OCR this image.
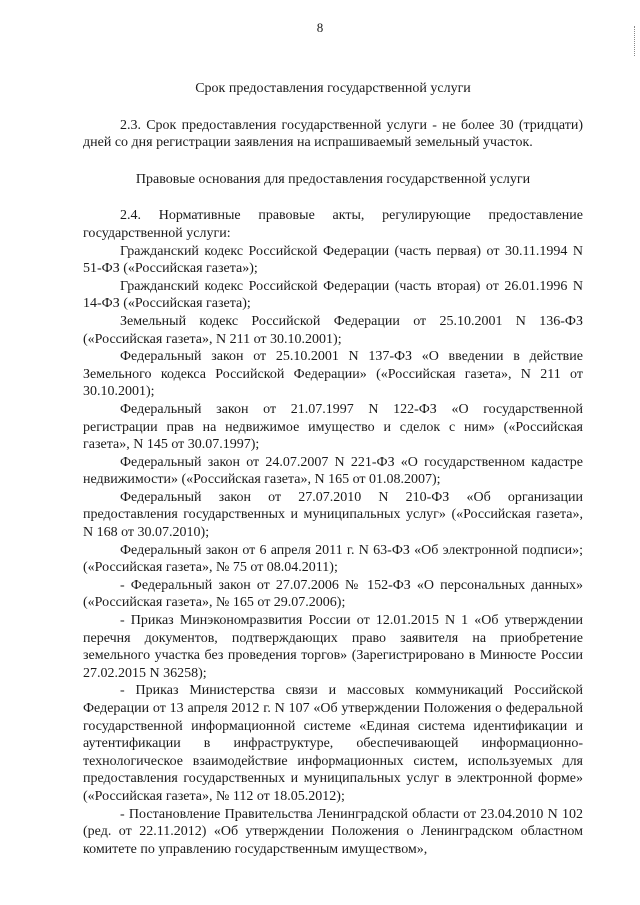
8
Срок предоставления государственной услуги

2.3. Срок предоставления государственной услуги - не более 30 (тридцати) дней со дня регистрации заявления на испрашиваемый земельный участок.

Правовые основания для предоставления государственной услуги

2.4. Нормативные правовые акты, регулирующие предоставление государственной услуги:

Гражданский кодекс Российской Федерации (часть первая) от 30.11.1994 N 51-ФЗ («Российская газета»);

Гражданский кодекс Российской Федерации (часть вторая) от 26.01.1996 N 14-ФЗ («Российская газета);

Земельный кодекс Российской Федерации от 25.10.2001 N 136-ФЗ («Российская газета», N 211 от 30.10.2001);

Федеральный закон от 25.10.2001 N 137-ФЗ «О введении в действие Земельного кодекса Российской Федерации» («Российская газета», N 211 от 30.10.2001);

Федеральный закон от 21.07.1997 N 122-ФЗ «О государственной регистрации прав на недвижимое имущество и сделок с ним» («Российская газета», N 145 от 30.07.1997);

Федеральный закон от 24.07.2007 N 221-ФЗ «О государственном кадастре недвижимости» («Российская газета», N 165 от 01.08.2007);

Федеральный закон от 27.07.2010 N 210-ФЗ «Об организации предоставления государственных и муниципальных услуг» («Российская газета», N 168 от 30.07.2010);

Федеральный закон от 6 апреля 2011 г. N 63-ФЗ «Об электронной подписи»; («Российская газета», № 75 от 08.04.2011);

- Федеральный закон от 27.07.2006 № 152-ФЗ «О персональных данных» («Российская газета», № 165 от 29.07.2006);

- Приказ Минэкономразвития России от 12.01.2015 N 1 «Об утверждении перечня документов, подтверждающих право заявителя на приобретение земельного участка без проведения торгов» (Зарегистрировано в Минюсте России 27.02.2015 N 36258);

- Приказ Министерства связи и массовых коммуникаций Российской Федерации от 13 апреля 2012 г. N 107 «Об утверждении Положения о федеральной государственной информационной системе «Единая система идентификации и аутентификации в инфраструктуре, обеспечивающей информационно-технологическое взаимодействие информационных систем, используемых для предоставления государственных и муниципальных услуг в электронной форме» («Российская газета», № 112 от 18.05.2012);

- Постановление Правительства Ленинградской области от 23.04.2010 N 102 (ред. от 22.11.2012) «Об утверждении Положения о Ленинградском областном комитете по управлению государственным имуществом»,
